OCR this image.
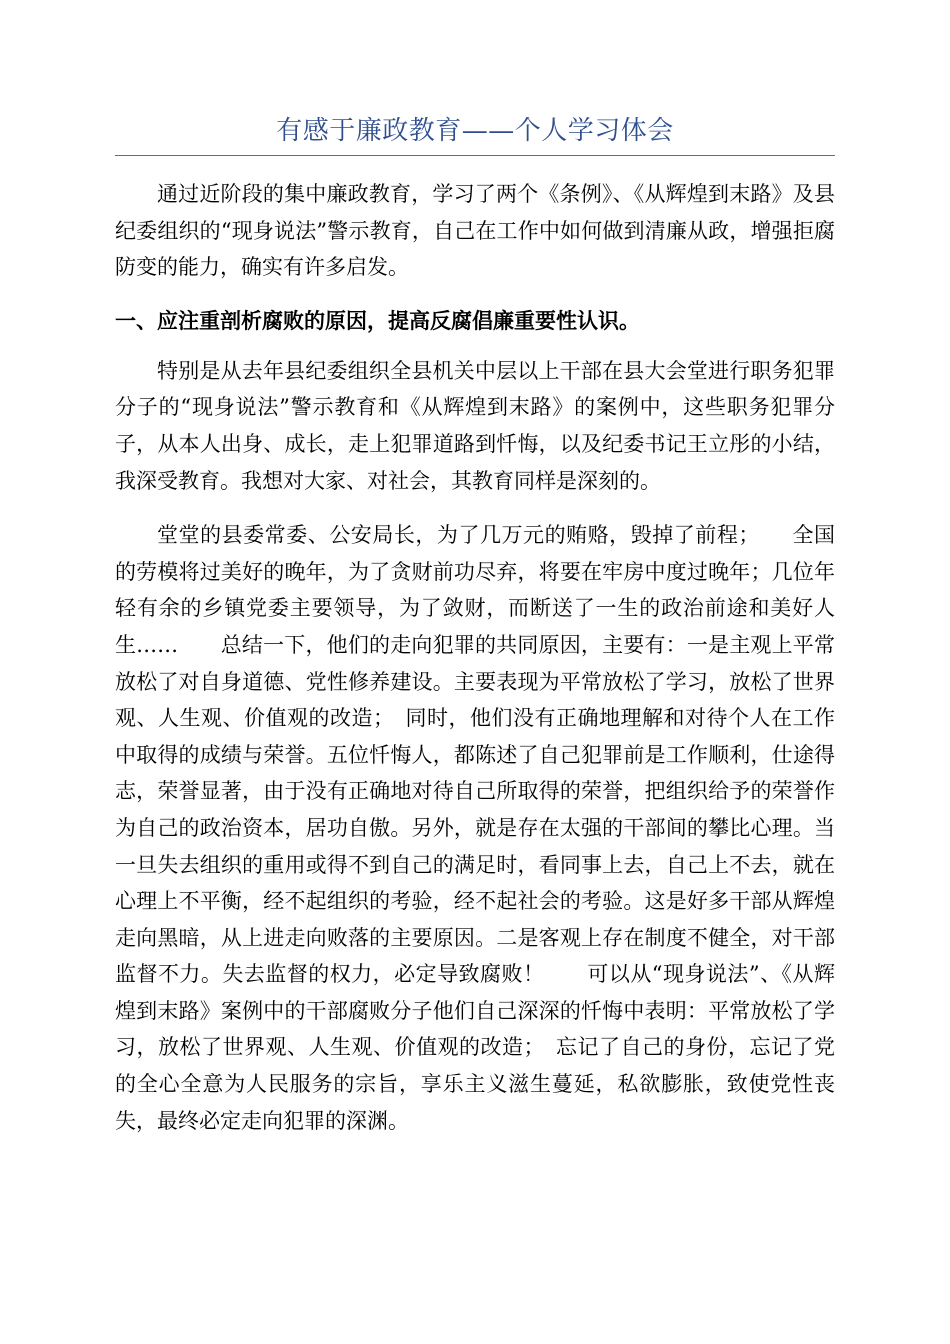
有感于廉政教育——个人学习体会

通过近阶段的集中廉政教育，学习了两个《条例》、《从辉煌到末路》及县纪委组织的“现身说法”警示教育，自己在工作中如何做到清廉从政，增强拒腐防变的能力，确实有许多启发。

一、应注重剖析腐败的原因，提高反腐倡廉重要性认识。

特别是从去年县纪委组织全县机关中层以上干部在县大会堂进行职务犯罪分子的“现身说法”警示教育和《从辉煌到末路》的案例中，这些职务犯罪分子，从本人出身、成长，走上犯罪道路到忏悔，以及纪委书记王立彤的小结，我深受教育。我想对大家、对社会，其教育同样是深刻的。

堂堂的县委常委、公安局长，为了几万元的贿赂，毁掉了前程；　　全国的劳模将过美好的晚年，为了贪财前功尽弃，将要在牢房中度过晚年；几位年轻有余的乡镇党委主要领导，为了敛财，而断送了一生的政治前途和美好人生……　　总结一下，他们的走向犯罪的共同原因，主要有：一是主观上平常放松了对自身道德、党性修养建设。主要表现为平常放松了学习，放松了世界观、人生观、价值观的改造；　同时，他们没有正确地理解和对待个人在工作中取得的成绩与荣誉。五位忏悔人，都陈述了自己犯罪前是工作顺利，仕途得志，荣誉显著，由于没有正确地对待自己所取得的荣誉，把组织给予的荣誉作为自己的政治资本，居功自傲。另外，就是存在太强的干部间的攀比心理。当一旦失去组织的重用或得不到自己的满足时，看同事上去，自己上不去，就在心理上不平衡，经不起组织的考验，经不起社会的考验。这是好多干部从辉煌走向黑暗，从上进走向败落的主要原因。二是客观上存在制度不健全，对干部监督不力。失去监督的权力，必定导致腐败！　　可以从“现身说法”、《从辉煌到末路》案例中的干部腐败分子他们自己深深的忏悔中表明：平常放松了学习，放松了世界观、人生观、价值观的改造；　忘记了自己的身份，忘记了党的全心全意为人民服务的宗旨，享乐主义滋生蔓延，私欲膨胀，致使党性丧失，最终必定走向犯罪的深渊。
